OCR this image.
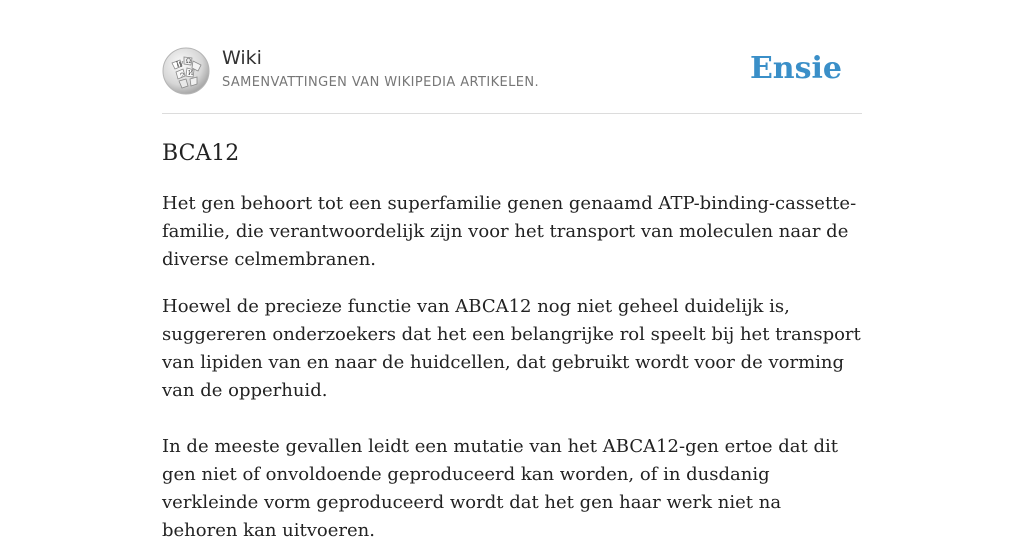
W Ω
И
ウ
Wiki
SAMENVATTINGEN VAN WIKIPEDIA ARTIKELEN.	Ensie
BCA12

Het gen behoort tot een superfamilie genen genaamd ATP-binding-cassette-familie, die verantwoordelijk zijn voor het transport van moleculen naar de diverse celmembranen.

Hoewel de precieze functie van ABCA12 nog niet geheel duidelijk is, suggereren onderzoekers dat het een belangrijke rol speelt bij het transport van lipiden van en naar de huidcellen, dat gebruikt wordt voor de vorming van de opperhuid.

In de meeste gevallen leidt een mutatie van het ABCA12-gen ertoe dat dit gen niet of onvoldoende geproduceerd kan worden, of in dusdanig verkleinde vorm geproduceerd wordt dat het gen haar werk niet na behoren kan uitvoeren.
